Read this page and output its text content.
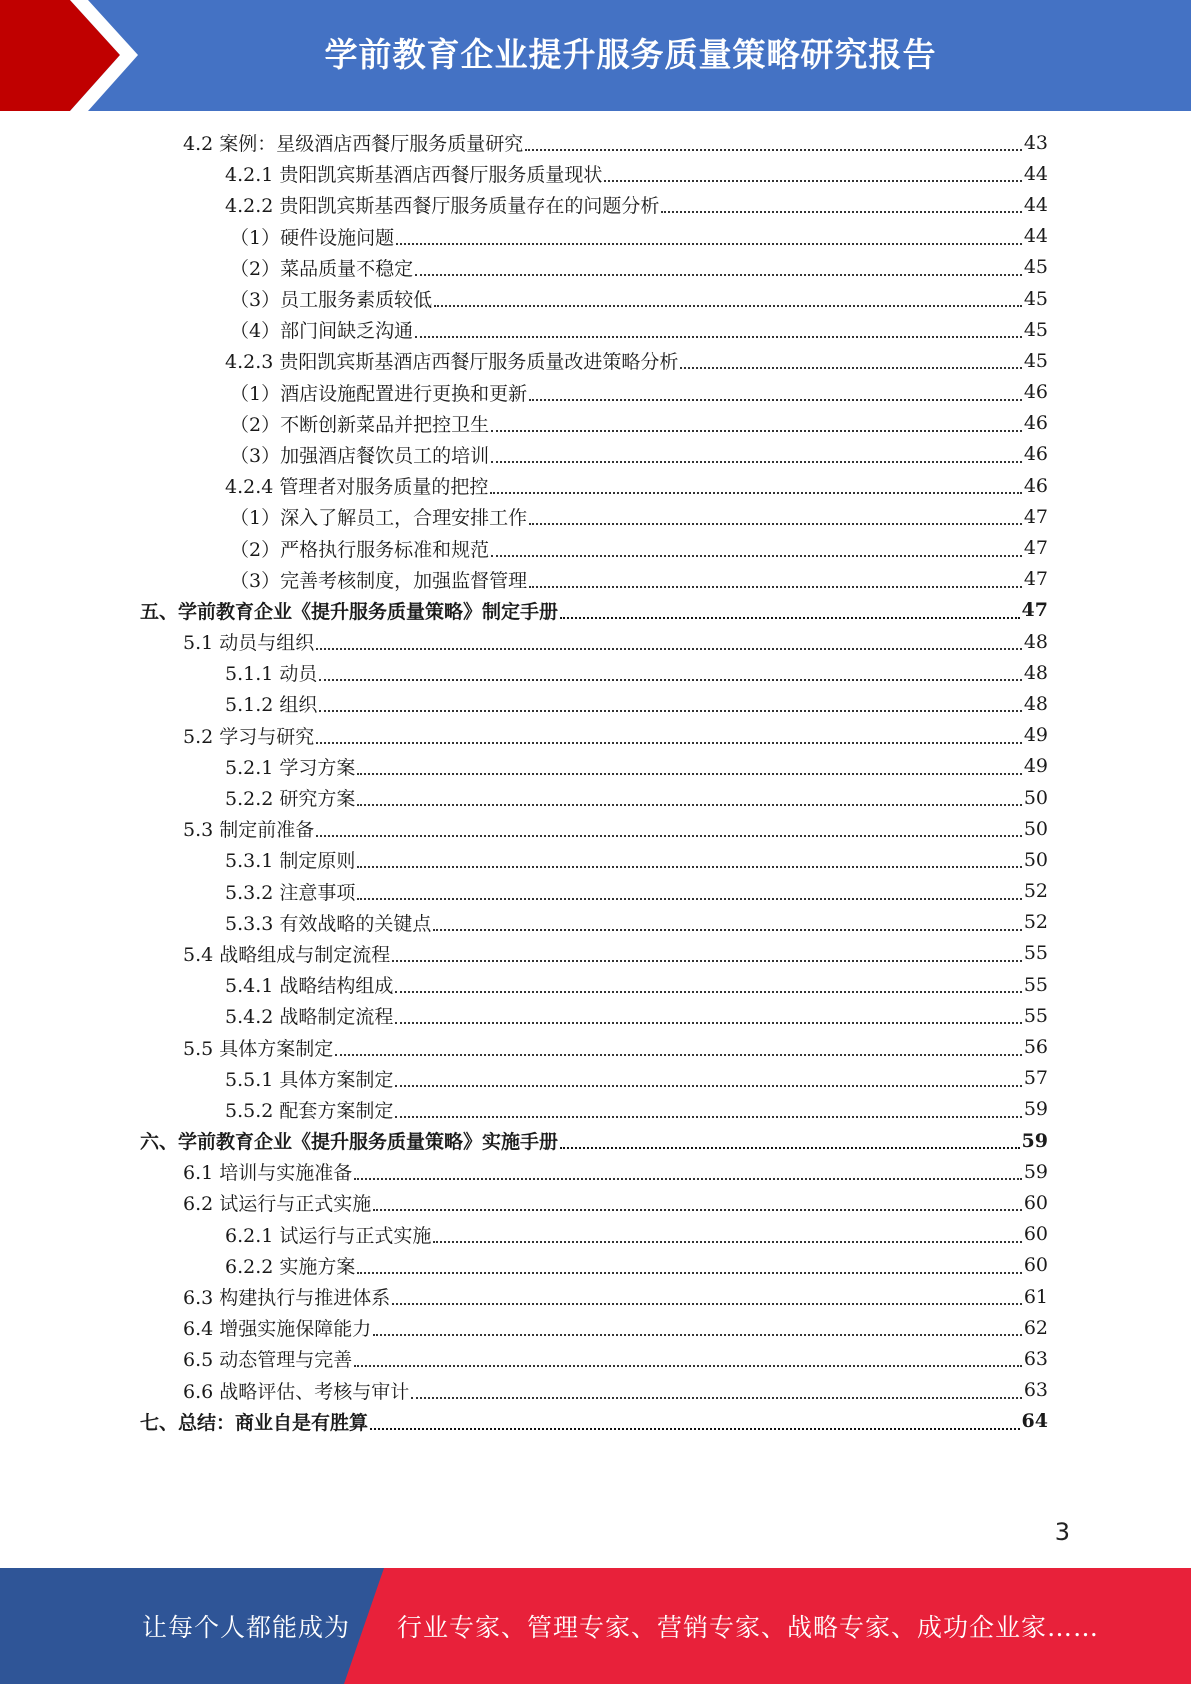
学前教育企业提升服务质量策略研究报告
4.2 案例：星级酒店西餐厅服务质量研究	43
4.2.1 贵阳凯宾斯基酒店西餐厅服务质量现状	44
4.2.2 贵阳凯宾斯基西餐厅服务质量存在的问题分析	44
（1）硬件设施问题	44
（2）菜品质量不稳定	45
（3）员工服务素质较低	45
（4）部门间缺乏沟通	45
4.2.3 贵阳凯宾斯基酒店西餐厅服务质量改进策略分析	45
（1）酒店设施配置进行更换和更新	46
（2）不断创新菜品并把控卫生	46
（3）加强酒店餐饮员工的培训	46
4.2.4 管理者对服务质量的把控	46
（1）深入了解员工，合理安排工作	47
（2）严格执行服务标准和规范	47
（3）完善考核制度，加强监督管理	47
五、学前教育企业《提升服务质量策略》制定手册	47
5.1 动员与组织	48
5.1.1 动员	48
5.1.2 组织	48
5.2 学习与研究	49
5.2.1 学习方案	49
5.2.2 研究方案	50
5.3 制定前准备	50
5.3.1 制定原则	50
5.3.2 注意事项	52
5.3.3 有效战略的关键点	52
5.4 战略组成与制定流程	55
5.4.1 战略结构组成	55
5.4.2 战略制定流程	55
5.5 具体方案制定	56
5.5.1 具体方案制定	57
5.5.2 配套方案制定	59
六、学前教育企业《提升服务质量策略》实施手册	59
6.1 培训与实施准备	59
6.2 试运行与正式实施	60
6.2.1 试运行与正式实施	60
6.2.2 实施方案	60
6.3 构建执行与推进体系	61
6.4 增强实施保障能力	62
6.5 动态管理与完善	63
6.6 战略评估、考核与审计	63
七、总结：商业自是有胜算	64
3
让每个人都能成为 行业专家、管理专家、营销专家、战略专家、成功企业家……
